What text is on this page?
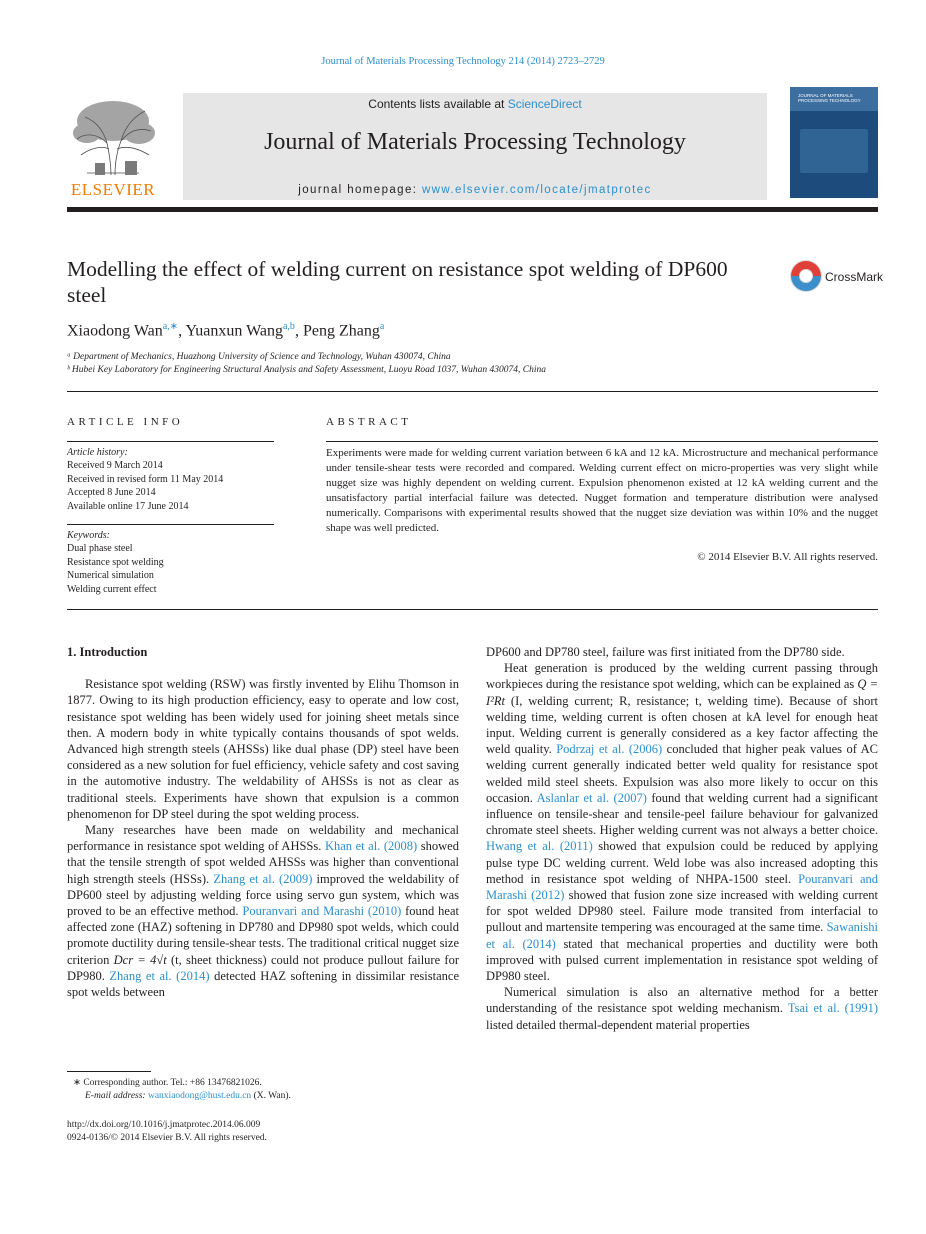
Journal of Materials Processing Technology 214 (2014) 2723–2729
ELSEVIER
Contents lists available at ScienceDirect
Journal of Materials Processing Technology
journal homepage: www.elsevier.com/locate/jmatprotec
JOURNAL OF MATERIALS PROCESSING TECHNOLOGY
Modelling the effect of welding current on resistance spot welding of DP600 steel
CrossMark
Xiaodong Wan$^{a,∗}$, Yuanxun Wang$^{a,b}$, Peng Zhang$^a$
ᵃ Department of Mechanics, Huazhong University of Science and Technology, Wuhan 430074, China
ᵇ Hubei Key Laboratory for Engineering Structural Analysis and Safety Assessment, Luoyu Road 1037, Wuhan 430074, China
ARTICLE INFO
Article history:
Received 9 March 2014
Received in revised form 11 May 2014
Accepted 8 June 2014
Available online 17 June 2014
Keywords:
Dual phase steel
Resistance spot welding
Numerical simulation
Welding current effect
ABSTRACT
Experiments were made for welding current variation between 6 kA and 12 kA. Microstructure and mechanical performance under tensile-shear tests were recorded and compared. Welding current effect on micro-properties was very slight while nugget size was highly dependent on welding current. Expulsion phenomenon existed at 12 kA welding current and the unsatisfactory partial interfacial failure was detected. Nugget formation and temperature distribution were analysed numerically. Comparisons with experimental results showed that the nugget size deviation was within 10% and the nugget shape was well predicted.
© 2014 Elsevier B.V. All rights reserved.

1. Introduction

Resistance spot welding (RSW) was firstly invented by Elihu Thomson in 1877. Owing to its high production efficiency, easy to operate and low cost, resistance spot welding has been widely used for joining sheet metals since then. A modern body in white typically contains thousands of spot welds. Advanced high strength steels (AHSSs) like dual phase (DP) steel have been considered as a new solution for fuel efficiency, vehicle safety and cost saving in the automotive industry. The weldability of AHSSs is not as clear as traditional steels. Experiments have shown that expulsion is a common phenomenon for DP steel during the spot welding process.

Many researches have been made on weldability and mechanical performance in resistance spot welding of AHSSs. Khan et al. (2008) showed that the tensile strength of spot welded AHSSs was higher than conventional high strength steels (HSSs). Zhang et al. (2009) improved the weldability of DP600 steel by adjusting welding force using servo gun system, which was proved to be an effective method. Pouranvari and Marashi (2010) found heat affected zone (HAZ) softening in DP780 and DP980 spot welds, which could promote ductility during tensile-shear tests. The traditional critical nugget size criterion Dcr = 4√t (t, sheet thickness) could not produce pullout failure for DP980. Zhang et al. (2014) detected HAZ softening in dissimilar resistance spot welds between

DP600 and DP780 steel, failure was first initiated from the DP780 side.

Heat generation is produced by the welding current passing through workpieces during the resistance spot welding, which can be explained as Q = I²Rt (I, welding current; R, resistance; t, welding time). Because of short welding time, welding current is often chosen at kA level for enough heat input. Welding current is generally considered as a key factor affecting the weld quality. Podrzaj et al. (2006) concluded that higher peak values of AC welding current generally indicated better weld quality for resistance spot welded mild steel sheets. Expulsion was also more likely to occur on this occasion. Aslanlar et al. (2007) found that welding current had a significant influence on tensile-shear and tensile-peel failure behaviour for galvanized chromate steel sheets. Higher welding current was not always a better choice. Hwang et al. (2011) showed that expulsion could be reduced by applying pulse type DC welding current. Weld lobe was also increased adopting this method in resistance spot welding of NHPA-1500 steel. Pouranvari and Marashi (2012) showed that fusion zone size increased with welding current for spot welded DP980 steel. Failure mode transited from interfacial to pullout and martensite tempering was encouraged at the same time. Sawanishi et al. (2014) stated that mechanical properties and ductility were both improved with pulsed current implementation in resistance spot welding of DP980 steel.

Numerical simulation is also an alternative method for a better understanding of the resistance spot welding mechanism. Tsai et al. (1991) listed detailed thermal-dependent material properties

∗ Corresponding author. Tel.: +86 13476821026.
E-mail address: wanxiaodong@hust.edu.cn (X. Wan).
http://dx.doi.org/10.1016/j.jmatprotec.2014.06.009
0924-0136/© 2014 Elsevier B.V. All rights reserved.
